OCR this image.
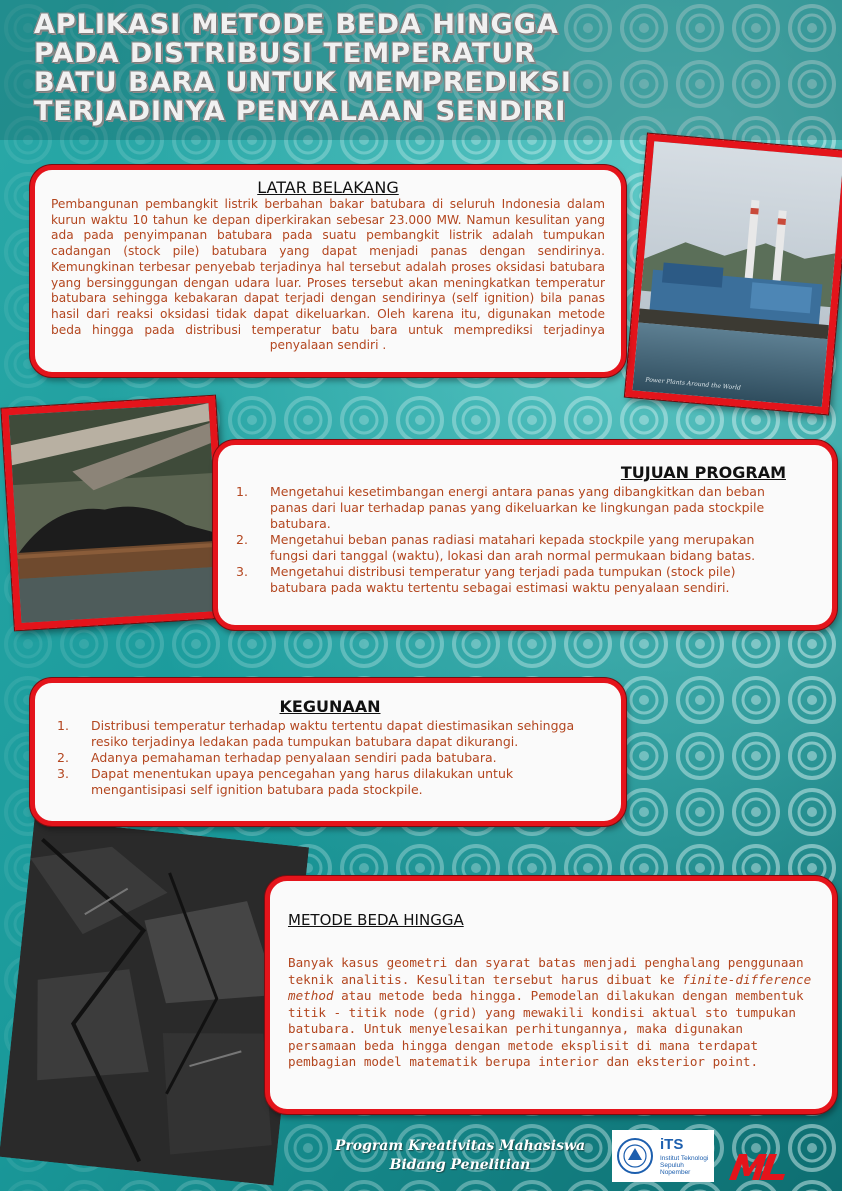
APLIKASI METODE BEDA HINGGA
PADA DISTRIBUSI TEMPERATUR
BATU BARA UNTUK MEMPREDIKSI
TERJADINYA PENYALAAN SENDIRI
Power Plants Around the World
LATAR BELAKANG

Pembangunan pembangkit listrik berbahan bakar batubara di seluruh Indonesia dalam kurun waktu 10 tahun ke depan diperkirakan sebesar 23.000 MW. Namun kesulitan yang ada pada penyimpanan batubara pada suatu pembangkit listrik adalah tumpukan cadangan (stock pile) batubara yang dapat menjadi panas dengan sendirinya. Kemungkinan terbesar penyebab terjadinya hal tersebut adalah proses oksidasi batubara yang bersinggungan dengan udara luar. Proses tersebut akan meningkatkan temperatur batubara sehingga kebakaran dapat terjadi dengan sendirinya (self ignition) bila panas hasil dari reaksi oksidasi tidak dapat dikeluarkan. Oleh karena itu, digunakan metode beda hingga pada distribusi temperatur batu bara untuk memprediksi terjadinya penyalaan sendiri .

TUJUAN PROGRAM
1. Mengetahui kesetimbangan energi antara panas yang dibangkitkan dan beban panas dari luar terhadap panas yang dikeluarkan ke lingkungan pada stockpile batubara.
2. Mengetahui beban panas radiasi matahari kepada stockpile yang merupakan fungsi dari tanggal (waktu), lokasi dan arah normal permukaan bidang batas.
3. Mengetahui distribusi temperatur yang terjadi pada tumpukan (stock pile) batubara pada waktu tertentu sebagai estimasi waktu penyalaan sendiri.
KEGUNAAN
1. Distribusi temperatur terhadap waktu tertentu dapat diestimasikan sehingga resiko terjadinya ledakan pada tumpukan batubara dapat dikurangi.
2. Adanya pemahaman terhadap penyalaan sendiri pada batubara.
3. Dapat menentukan upaya pencegahan yang harus dilakukan untuk mengantisipasi self ignition batubara pada stockpile.
METODE BEDA HINGGA

Banyak kasus geometri dan syarat batas menjadi penghalang penggunaan teknik analitis. Kesulitan tersebut harus dibuat ke finite-difference method atau metode beda hingga. Pemodelan dilakukan dengan membentuk titik - titik node (grid) yang mewakili kondisi aktual sto tumpukan batubara. Untuk menyelesaikan perhitungannya, maka digunakan persamaan beda hingga dengan metode eksplisit di mana terdapat pembagian model matematik berupa interior dan eksterior point.

Program Kreativitas Mahasiswa
Bidang Penelitian
iTS
Institut Teknologi Sepuluh Nopember
